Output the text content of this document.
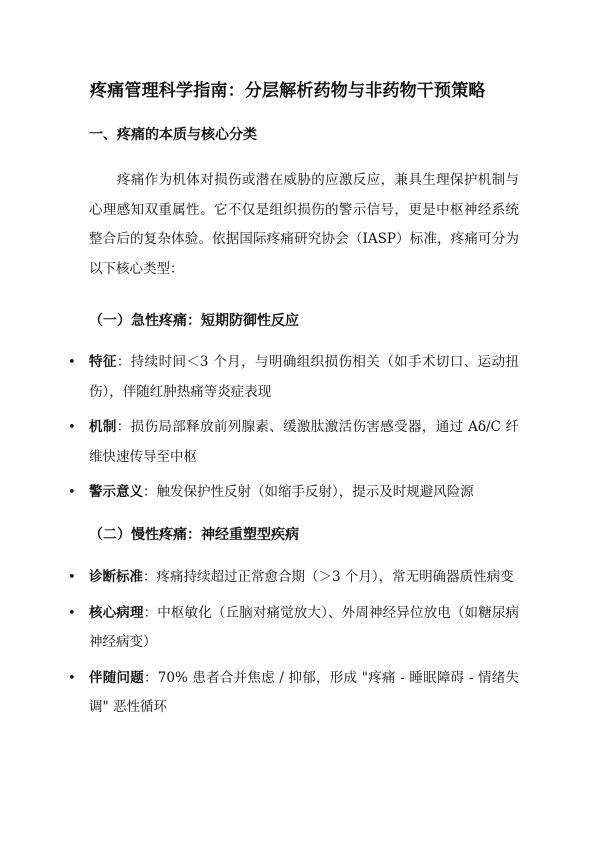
疼痛管理科学指南：分层解析药物与非药物干预策略
一、疼痛的本质与核心分类

疼痛作为机体对损伤或潜在威胁的应激反应，兼具生理保护机制与心理感知双重属性。它不仅是组织损伤的警示信号，更是中枢神经系统整合后的复杂体验。依据国际疼痛研究协会（IASP）标准，疼痛可分为以下核心类型：

（一）急性疼痛：短期防御性反应
• 特征：持续时间＜3 个月，与明确组织损伤相关（如手术切口、运动扭伤），伴随红肿热痛等炎症表现
• 机制：损伤局部释放前列腺素、缓激肽激活伤害感受器，通过 Aδ/C 纤维快速传导至中枢
• 警示意义：触发保护性反射（如缩手反射），提示及时规避风险源
（二）慢性疼痛：神经重塑型疾病
• 诊断标准：疼痛持续超过正常愈合期（＞3 个月），常无明确器质性病变
• 核心病理：中枢敏化（丘脑对痛觉放大）、外周神经异位放电（如糖尿病神经病变）
• 伴随问题：70% 患者合并焦虑 / 抑郁，形成 "疼痛 - 睡眠障碍 - 情绪失调" 恶性循环
